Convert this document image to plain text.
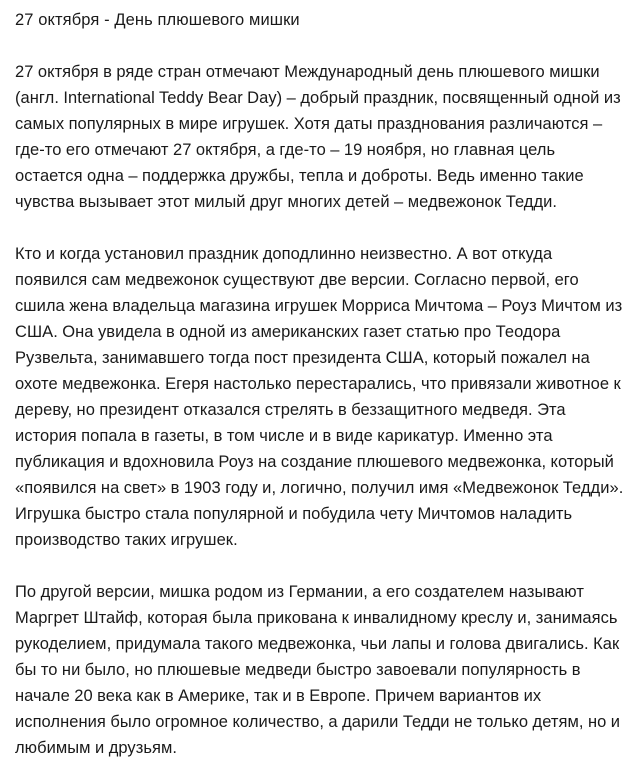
27 октября - День плюшевого мишки

27 октября в ряде стран отмечают Международный день плюшевого мишки (англ. International Teddy Bear Day) – добрый праздник, посвященный одной из самых популярных в мире игрушек. Хотя даты празднования различаются – где-то его отмечают 27 октября, а где-то – 19 ноября, но главная цель остается одна – поддержка дружбы, тепла и доброты. Ведь именно такие чувства вызывает этот милый друг многих детей – медвежонок Тедди.

Кто и когда установил праздник доподлинно неизвестно. А вот откуда появился сам медвежонок существуют две версии. Согласно первой, его сшила жена владельца магазина игрушек Морриса Мичтома – Роуз Мичтом из США. Она увидела в одной из американских газет статью про Теодора Рузвельта, занимавшего тогда пост президента США, который пожалел на охоте медвежонка. Егеря настолько перестарались, что привязали животное к дереву, но президент отказался стрелять в беззащитного медведя. Эта история попала в газеты, в том числе и в виде карикатур. Именно эта публикация и вдохновила Роуз на создание плюшевого медвежонка, который «появился на свет» в 1903 году и, логично, получил имя «Медвежонок Тедди». Игрушка быстро стала популярной и побудила чету Мичтомов наладить производство таких игрушек.

По другой версии, мишка родом из Германии, а его создателем называют Маргрет Штайф, которая была прикована к инвалидному креслу и, занимаясь рукоделием, придумала такого медвежонка, чьи лапы и голова двигались. Как бы то ни было, но плюшевые медведи быстро завоевали популярность в начале 20 века как в Америке, так и в Европе. Причем вариантов их исполнения было огромное количество, а дарили Тедди не только детям, но и любимым и друзьям.
